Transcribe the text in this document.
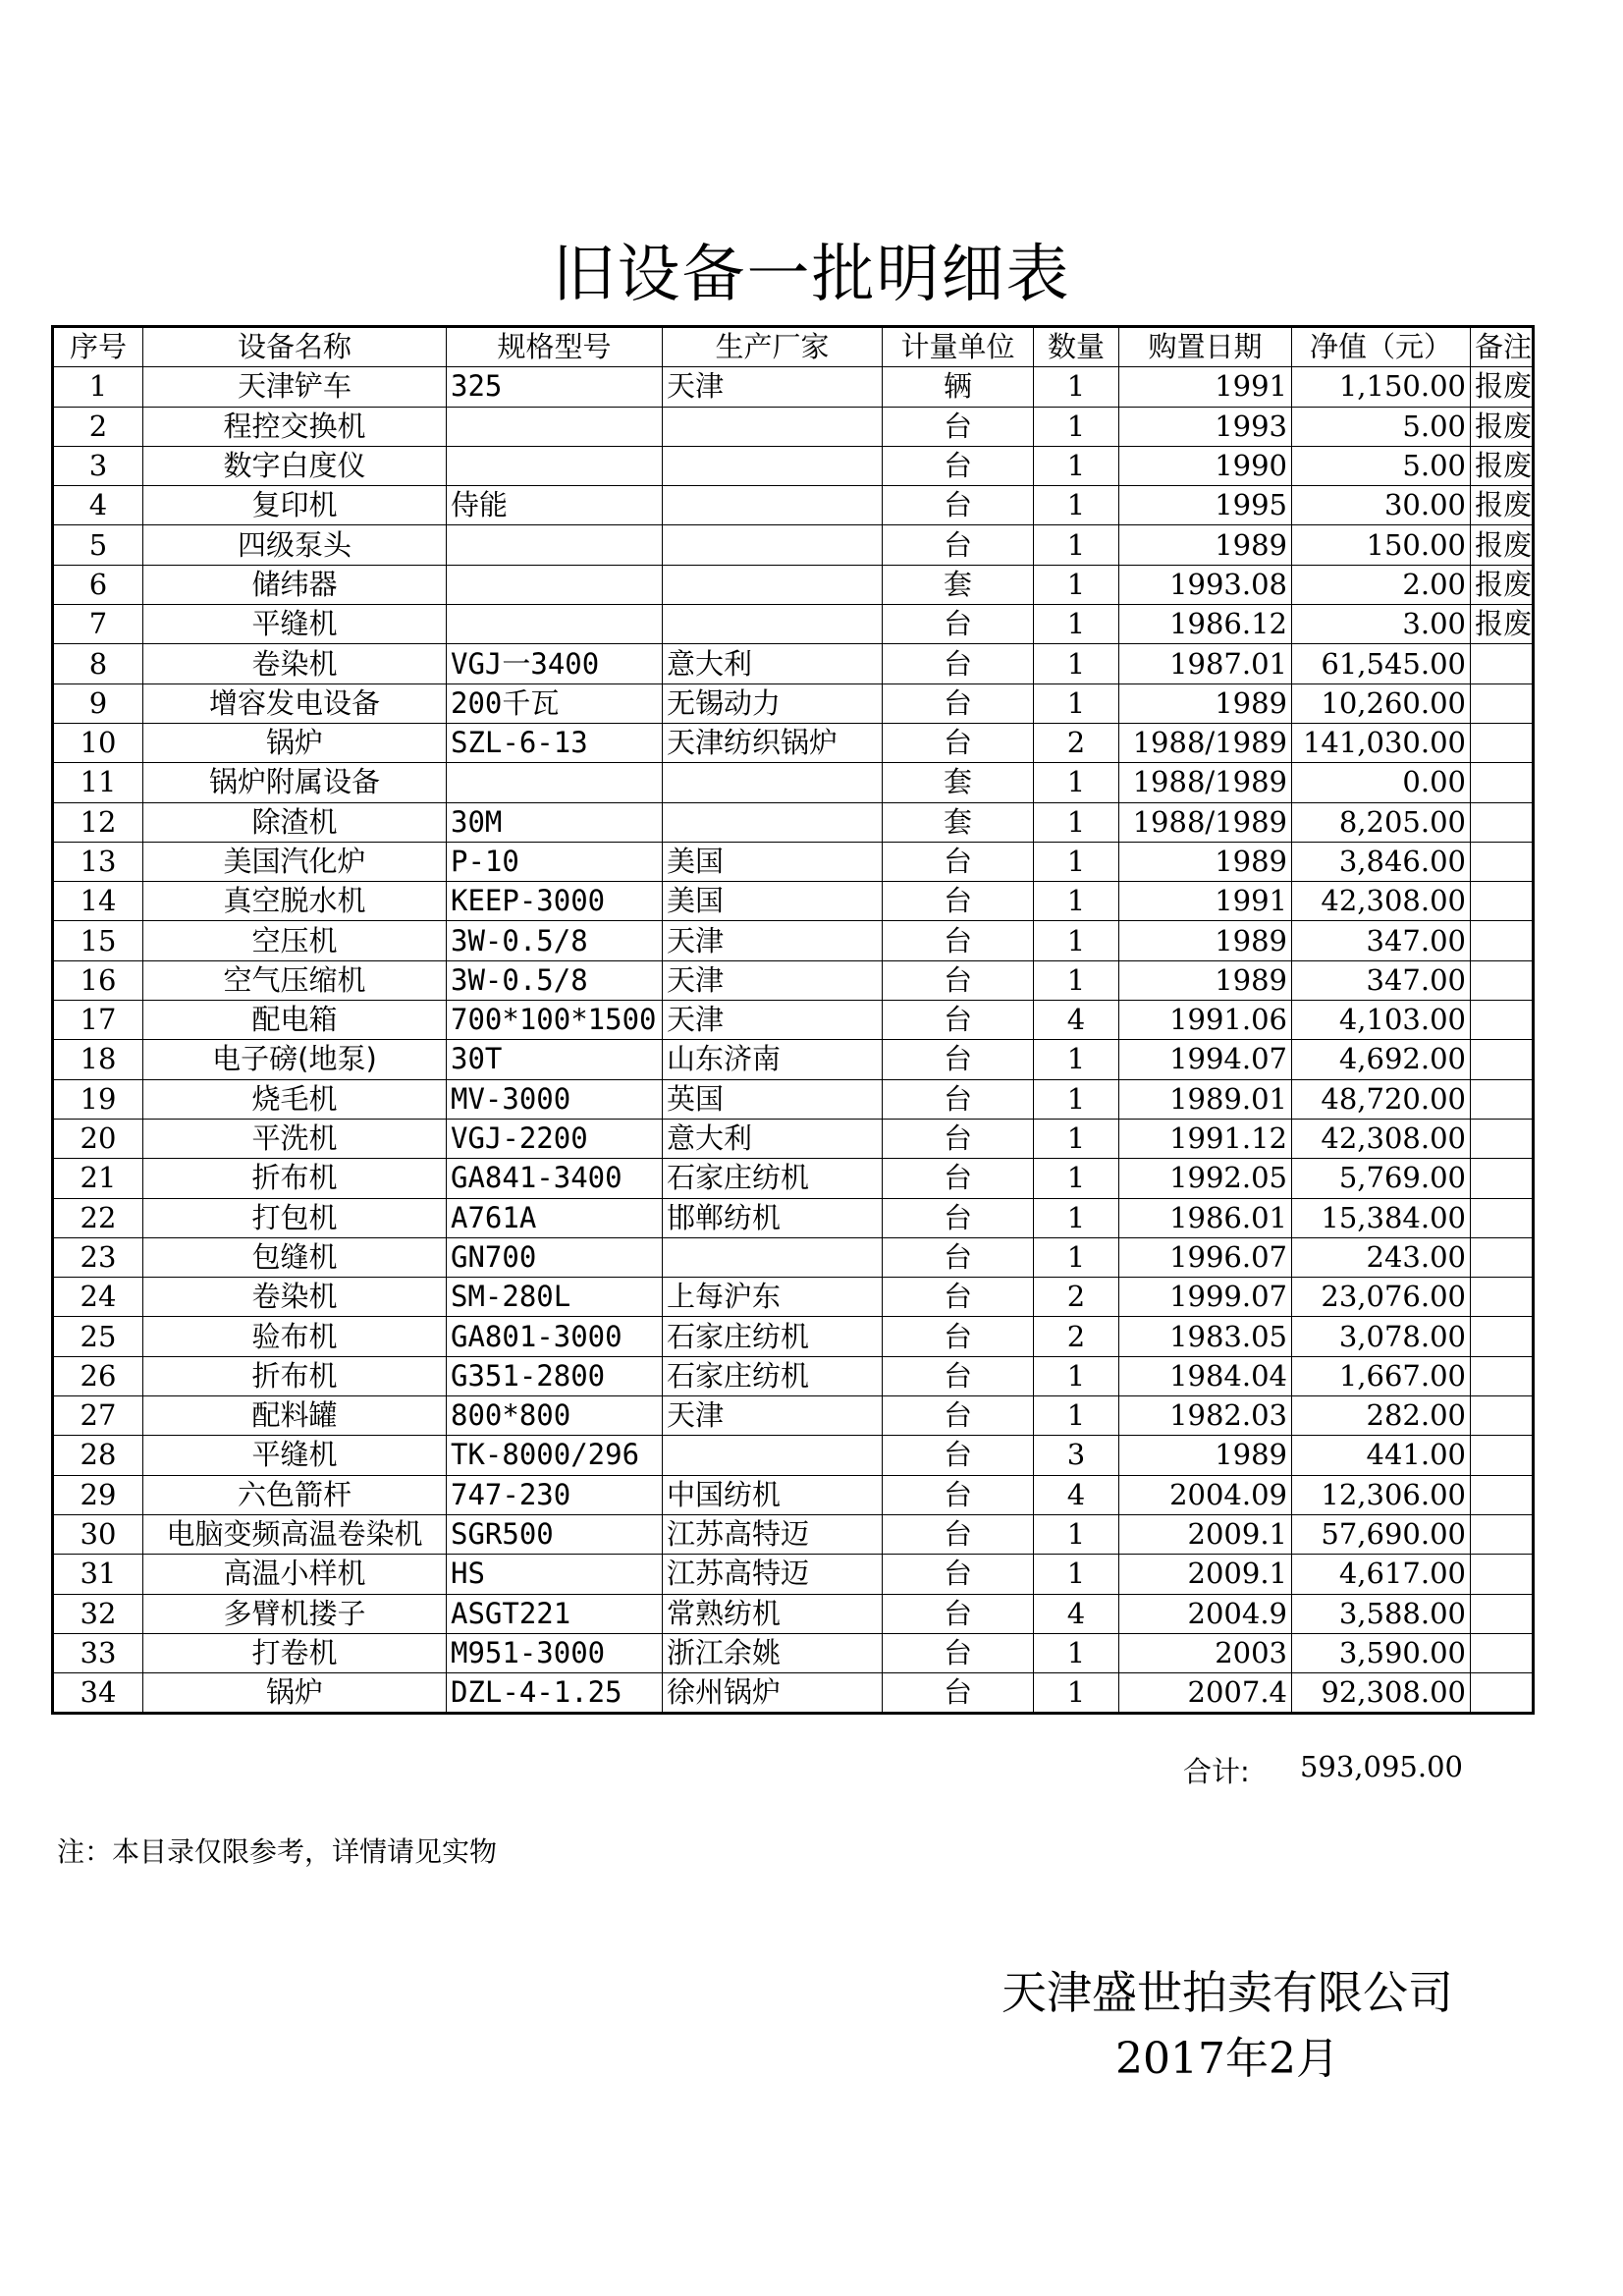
旧设备一批明细表
序号	设备名称	规格型号	生产厂家	计量单位	数量	购置日期	净值（元）	备注
1	天津铲车	325	天津	辆	1	1991	1,150.00	报废
2	程控交换机			台	1	1993	5.00	报废
3	数字白度仪			台	1	1990	5.00	报废
4	复印机	侍能		台	1	1995	30.00	报废
5	四级泵头			台	1	1989	150.00	报废
6	储纬器			套	1	1993.08	2.00	报废
7	平缝机			台	1	1986.12	3.00	报废
8	卷染机	VGJ一3400	意大利	台	1	1987.01	61,545.00	
9	增容发电设备	200千瓦	无锡动力	台	1	1989	10,260.00	
10	锅炉	SZL-6-13	天津纺织锅炉	台	2	1988/1989	141,030.00	
11	锅炉附属设备			套	1	1988/1989	0.00	
12	除渣机	30M		套	1	1988/1989	8,205.00	
13	美国汽化炉	P-10	美国	台	1	1989	3,846.00	
14	真空脱水机	KEEP-3000	美国	台	1	1991	42,308.00	
15	空压机	3W-0.5/8	天津	台	1	1989	347.00	
16	空气压缩机	3W-0.5/8	天津	台	1	1989	347.00	
17	配电箱	700*100*1500	天津	台	4	1991.06	4,103.00	
18	电子磅(地泵)	30T	山东济南	台	1	1994.07	4,692.00	
19	烧毛机	MV-3000	英国	台	1	1989.01	48,720.00	
20	平洗机	VGJ-2200	意大利	台	1	1991.12	42,308.00	
21	折布机	GA841-3400	石家庄纺机	台	1	1992.05	5,769.00	
22	打包机	A761A	邯郸纺机	台	1	1986.01	15,384.00	
23	包缝机	GN700		台	1	1996.07	243.00	
24	卷染机	SM-280L	上每沪东	台	2	1999.07	23,076.00	
25	验布机	GA801-3000	石家庄纺机	台	2	1983.05	3,078.00	
26	折布机	G351-2800	石家庄纺机	台	1	1984.04	1,667.00	
27	配料罐	800*800	天津	台	1	1982.03	282.00	
28	平缝机	TK-8000/296		台	3	1989	441.00	
29	六色箭杆	747-230	中国纺机	台	4	2004.09	12,306.00	
30	电脑变频高温卷染机	SGR500	江苏高特迈	台	1	2009.1	57,690.00	
31	高温小样机	HS	江苏高特迈	台	1	2009.1	4,617.00	
32	多臂机搂子	ASGT221	常熟纺机	台	4	2004.9	3,588.00	
33	打卷机	M951-3000	浙江余姚	台	1	2003	3,590.00	
34	锅炉	DZL-4-1.25	徐州锅炉	台	1	2007.4	92,308.00	
合计: 593,095.00
注：本目录仅限参考，详情请见实物
天津盛世拍卖有限公司
2017年2月
